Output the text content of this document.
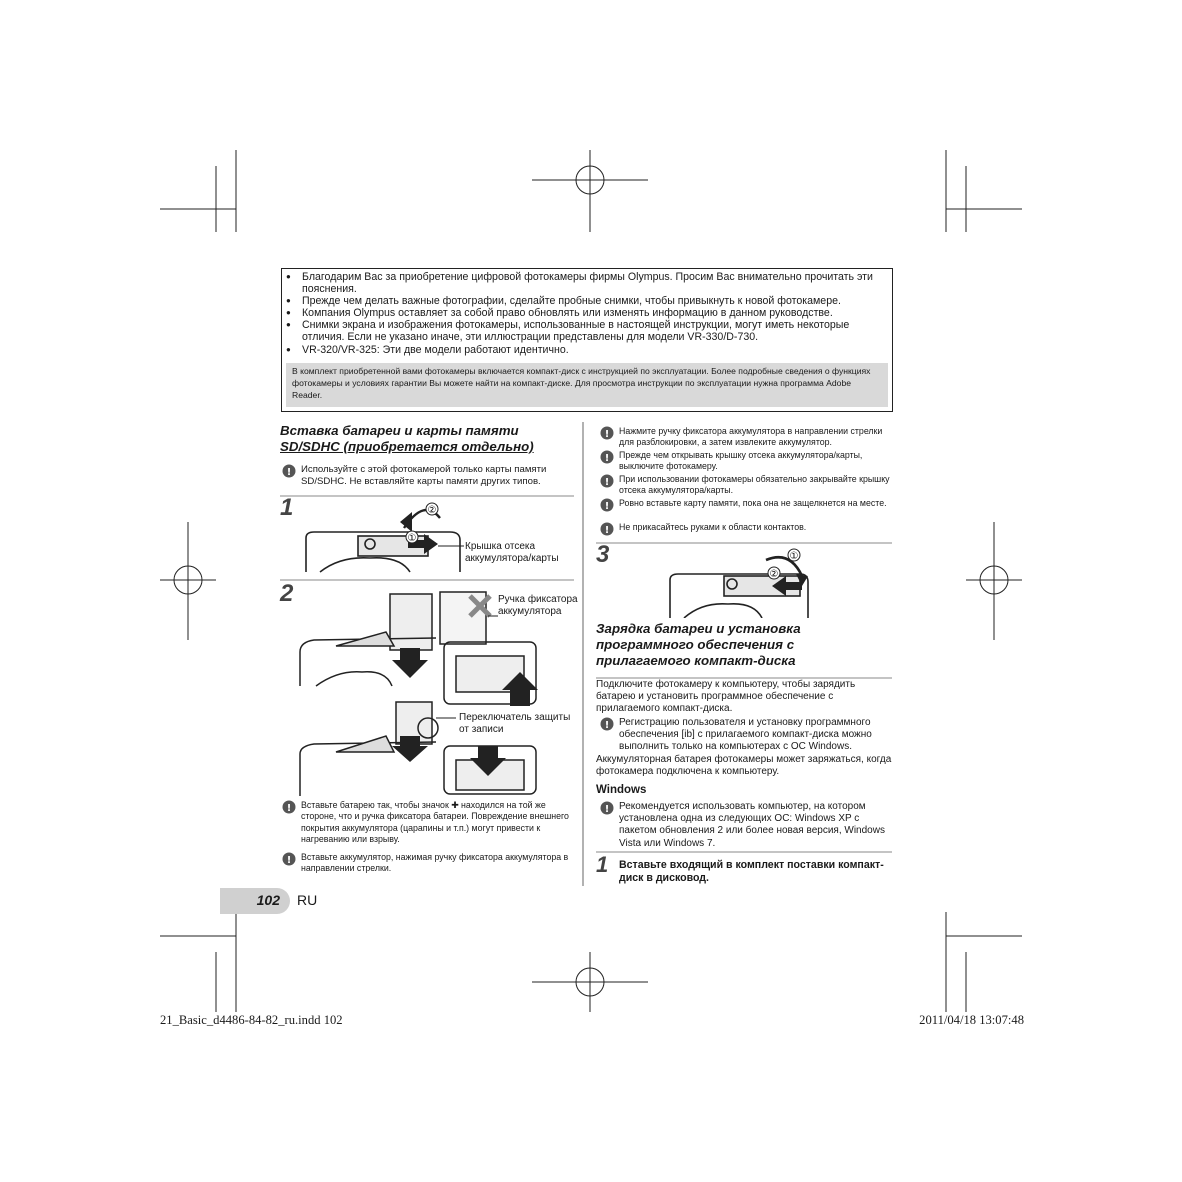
● Благодарим Вас за приобретение цифровой фотокамеры фирмы Olympus. Просим Вас внимательно прочитать эти пояснения.
● Прежде чем делать важные фотографии, сделайте пробные снимки, чтобы привыкнуть к новой фотокамере.
● Компания Olympus оставляет за собой право обновлять или изменять информацию в данном руководстве.
● Снимки экрана и изображения фотокамеры, использованные в настоящей инструкции, могут иметь некоторые отличия. Если не указано иначе, эти иллюстрации представлены для модели VR-330/D-730.
● VR-320/VR-325: Эти две модели работают идентично.
В комплект приобретенной вами фотокамеры включается компакт-диск с инструкцией по эксплуатации. Более подробные сведения о функциях фотокамеры и условиях гарантии Вы можете найти на компакт-диске. Для просмотра инструкции по эксплуатации нужна программа Adobe Reader.
Вставка батареи и карты памяти
SD/SDHC (приобретается отдельно)
! Используйте с этой фотокамерой только карты памяти SD/SDHC. Не вставляйте карты памяти других типов.
1
①
②
Крышка отсека аккумулятора/карты
2	Ручка фиксатора аккумулятора
Переключатель защиты от записи
! Вставьте батарею так, чтобы значок ✚ находился на той же стороне, что и ручка фиксатора батареи. Повреждение внешнего покрытия аккумулятора (царапины и т.п.) могут привести к нагреванию или взрыву.
! Вставьте аккумулятор, нажимая ручку фиксатора аккумулятора в направлении стрелки.
! Нажмите ручку фиксатора аккумулятора в направлении стрелки для разблокировки, а затем извлеките аккумулятор.
! Прежде чем открывать крышку отсека аккумулятора/карты, выключите фотокамеру.
! При использовании фотокамеры обязательно закрывайте крышку отсека аккумулятора/карты.
! Ровно вставьте карту памяти, пока она не защелкнется на месте.
! Не прикасайтесь руками к области контактов.
3	①
②
Зарядка батареи и установка программного обеспечения с прилагаемого компакт-диска
Подключите фотокамеру к компьютеру, чтобы зарядить батарею и установить программное обеспечение с прилагаемого компакт-диска.
! Регистрацию пользователя и установку программного обеспечения [ib] с прилагаемого компакт-диска можно выполнить только на компьютерах с ОС Windows.
Аккумуляторная батарея фотокамеры может заряжаться, когда фотокамера подключена к компьютеру.
Windows
! Рекомендуется использовать компьютер, на котором установлена одна из следующих ОС: Windows XP с пакетом обновления 2 или более новая версия, Windows Vista или Windows 7.
1 Вставьте входящий в комплект поставки компакт-диск в дисковод.
102 RU
21_Basic_d4486-84-82_ru.indd 102	2011/04/18 13:07:48
